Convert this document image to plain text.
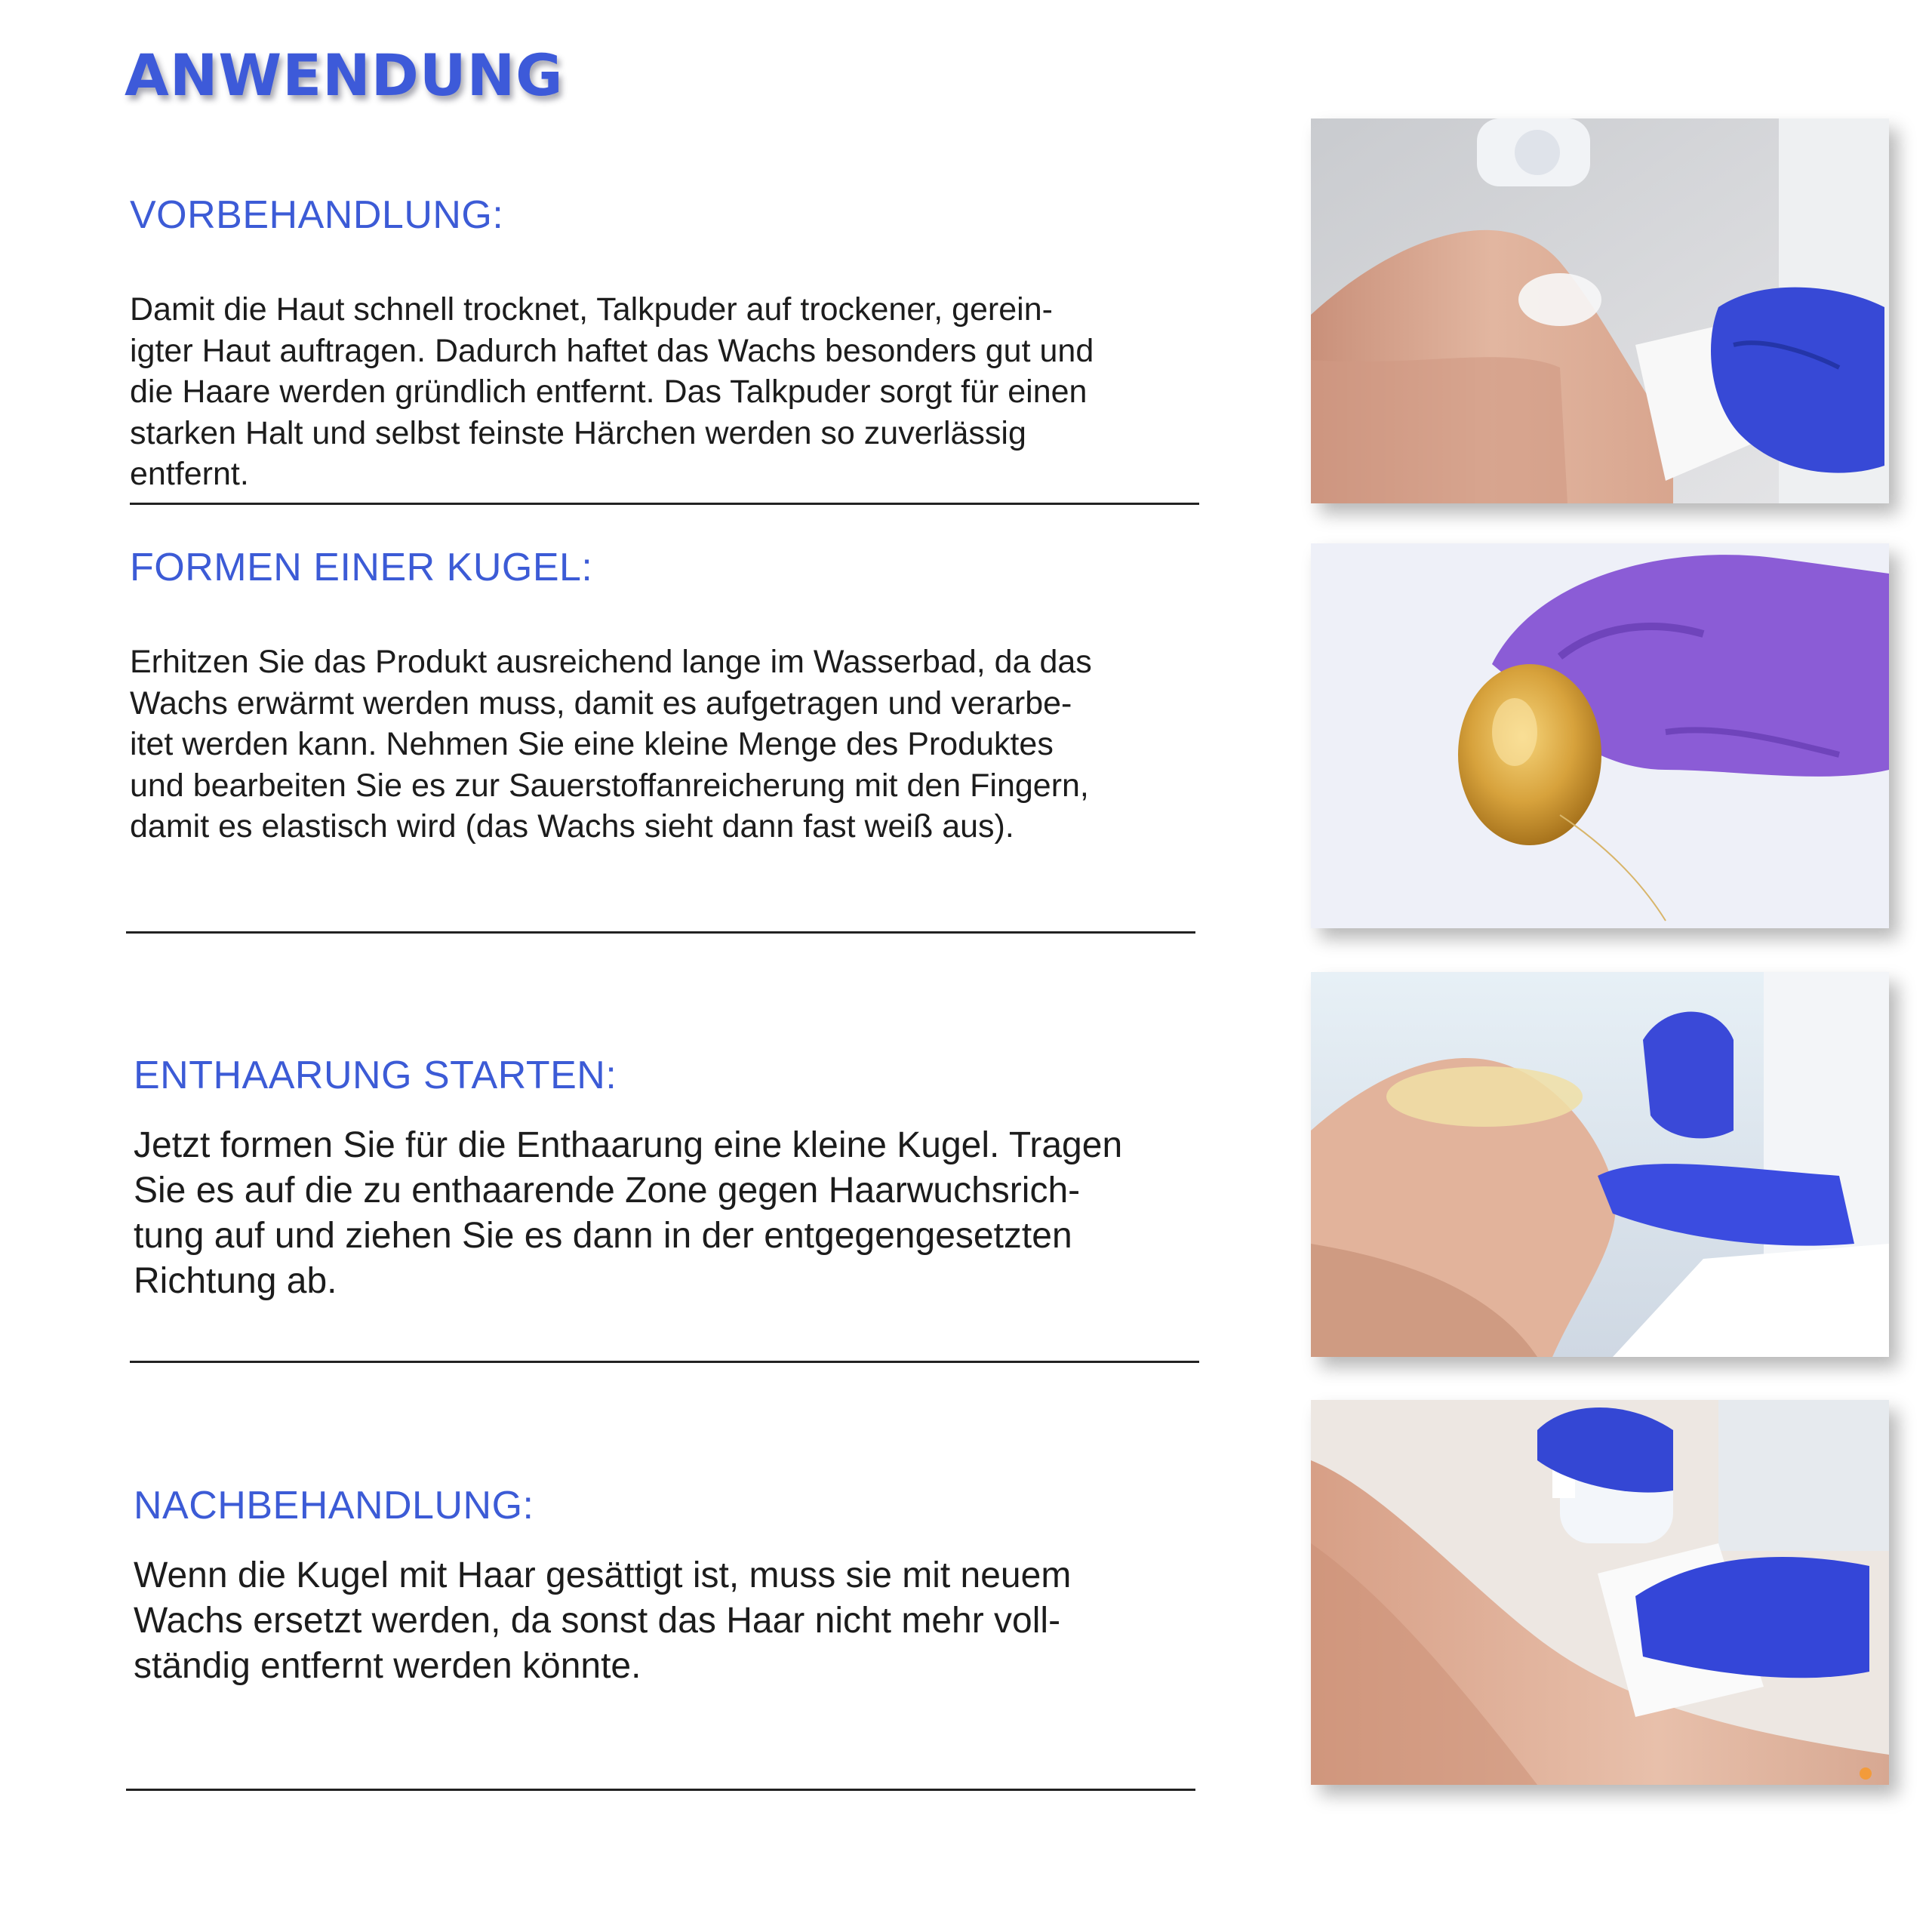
ANWENDUNG
VORBEHANDLUNG:
Damit die Haut schnell trocknet, Talkpuder auf trockener, gerein-
igter Haut auftragen. Dadurch haftet das Wachs besonders gut und
die Haare werden gründlich entfernt. Das Talkpuder sorgt für einen
starken Halt und selbst feinste Härchen werden so zuverlässig
entfernt.
FORMEN EINER KUGEL:
Erhitzen Sie das Produkt ausreichend lange im Wasserbad, da das
Wachs erwärmt werden muss, damit es aufgetragen und verarbe-
itet werden kann. Nehmen Sie eine kleine Menge des Produktes
und bearbeiten Sie es zur Sauerstoffanreicherung mit den Fingern,
damit es elastisch wird (das Wachs sieht dann fast weiß aus).
ENTHAARUNG STARTEN:
Jetzt formen Sie für die Enthaarung eine kleine Kugel. Tragen
Sie es auf die zu enthaarende Zone gegen Haarwuchsrich-
tung auf und ziehen Sie es dann in der entgegengesetzten
Richtung ab.
NACHBEHANDLUNG:
Wenn die Kugel mit Haar gesättigt ist, muss sie mit neuem
Wachs ersetzt werden, da sonst das Haar nicht mehr voll-
ständig entfernt werden könnte.
